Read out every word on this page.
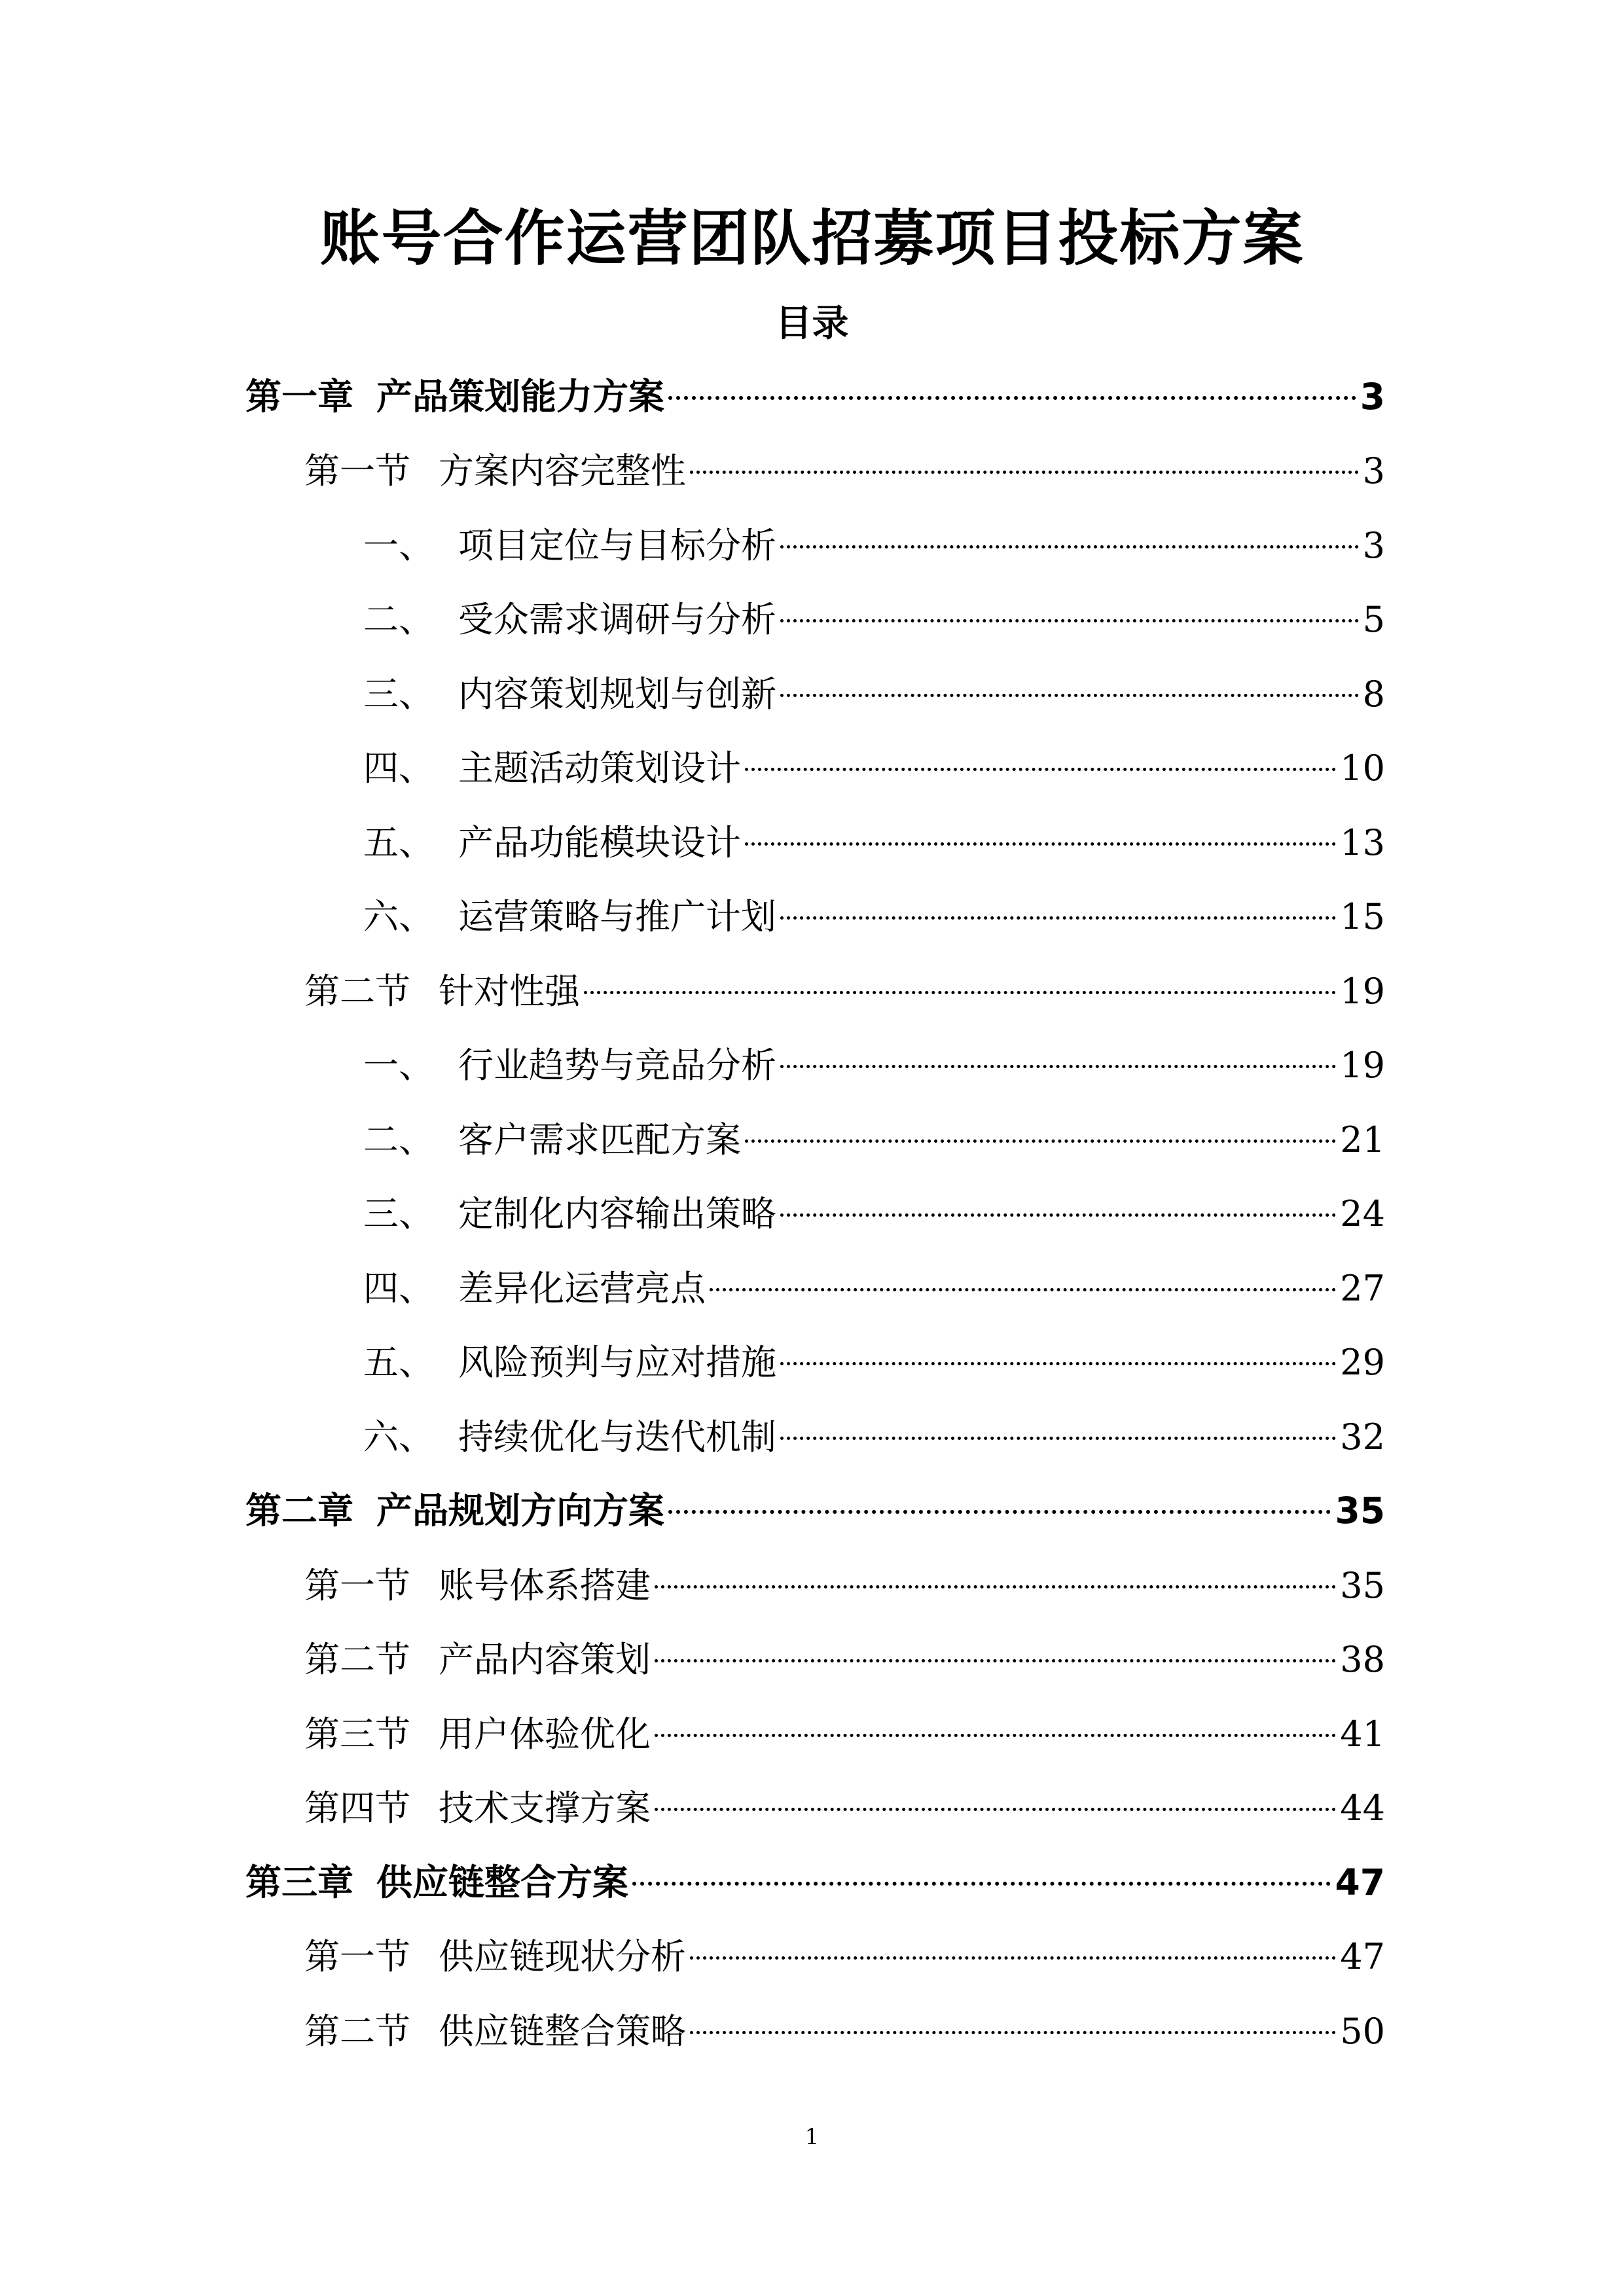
账号合作运营团队招募项目投标方案
目录
第一章 产品策划能力方案	3
第一节 方案内容完整性	3
一、 项目定位与目标分析	3
二、 受众需求调研与分析	5
三、 内容策划规划与创新	8
四、 主题活动策划设计	10
五、 产品功能模块设计	13
六、 运营策略与推广计划	15
第二节 针对性强	19
一、 行业趋势与竞品分析	19
二、 客户需求匹配方案	21
三、 定制化内容输出策略	24
四、 差异化运营亮点	27
五、 风险预判与应对措施	29
六、 持续优化与迭代机制	32
第二章 产品规划方向方案	35
第一节 账号体系搭建	35
第二节 产品内容策划	38
第三节 用户体验优化	41
第四节 技术支撑方案	44
第三章 供应链整合方案	47
第一节 供应链现状分析	47
第二节 供应链整合策略	50
1
